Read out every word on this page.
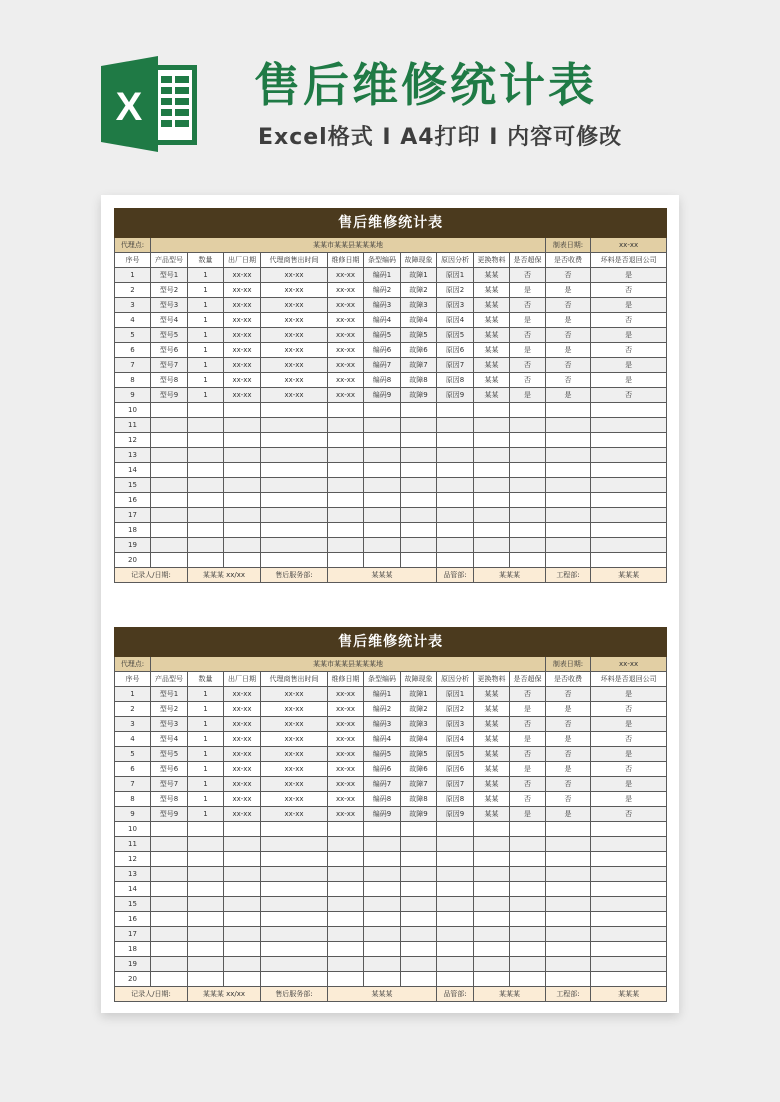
X 售后维修统计表
Excel格式 I A4打印 I 内容可修改
售后维修统计表												
代理点:	某某市某某县某某某地										制表日期:	xx-xx
序号	产品型号	数量	出厂日期	代理商售出时间	维修日期	条型编码	故障现象	原因分析	更换物料	是否超保	是否收费	坏料是否退回公司
1	型号1	1	xx-xx	xx-xx	xx-xx	编码1	故障1	原因1	某某	否	否	是
2	型号2	1	xx-xx	xx-xx	xx-xx	编码2	故障2	原因2	某某	是	是	否
3	型号3	1	xx-xx	xx-xx	xx-xx	编码3	故障3	原因3	某某	否	否	是
4	型号4	1	xx-xx	xx-xx	xx-xx	编码4	故障4	原因4	某某	是	是	否
5	型号5	1	xx-xx	xx-xx	xx-xx	编码5	故障5	原因5	某某	否	否	是
6	型号6	1	xx-xx	xx-xx	xx-xx	编码6	故障6	原因6	某某	是	是	否
7	型号7	1	xx-xx	xx-xx	xx-xx	编码7	故障7	原因7	某某	否	否	是
8	型号8	1	xx-xx	xx-xx	xx-xx	编码8	故障8	原因8	某某	否	否	是
9	型号9	1	xx-xx	xx-xx	xx-xx	编码9	故障9	原因9	某某	是	是	否
10												
11												
12												
13												
14												
15												
16												
17												
18												
19												
20												
记录人/日期:		某某某 xx/xx		售后服务部:	某某某			品管部:	某某某		工程部:	某某某
售后维修统计表												
代理点:	某某市某某县某某某地										制表日期:	xx-xx
序号	产品型号	数量	出厂日期	代理商售出时间	维修日期	条型编码	故障现象	原因分析	更换物料	是否超保	是否收费	坏料是否退回公司
1	型号1	1	xx-xx	xx-xx	xx-xx	编码1	故障1	原因1	某某	否	否	是
2	型号2	1	xx-xx	xx-xx	xx-xx	编码2	故障2	原因2	某某	是	是	否
3	型号3	1	xx-xx	xx-xx	xx-xx	编码3	故障3	原因3	某某	否	否	是
4	型号4	1	xx-xx	xx-xx	xx-xx	编码4	故障4	原因4	某某	是	是	否
5	型号5	1	xx-xx	xx-xx	xx-xx	编码5	故障5	原因5	某某	否	否	是
6	型号6	1	xx-xx	xx-xx	xx-xx	编码6	故障6	原因6	某某	是	是	否
7	型号7	1	xx-xx	xx-xx	xx-xx	编码7	故障7	原因7	某某	否	否	是
8	型号8	1	xx-xx	xx-xx	xx-xx	编码8	故障8	原因8	某某	否	否	是
9	型号9	1	xx-xx	xx-xx	xx-xx	编码9	故障9	原因9	某某	是	是	否
10												
11												
12												
13												
14												
15												
16												
17												
18												
19												
20												
记录人/日期:		某某某 xx/xx		售后服务部:	某某某			品管部:	某某某		工程部:	某某某
